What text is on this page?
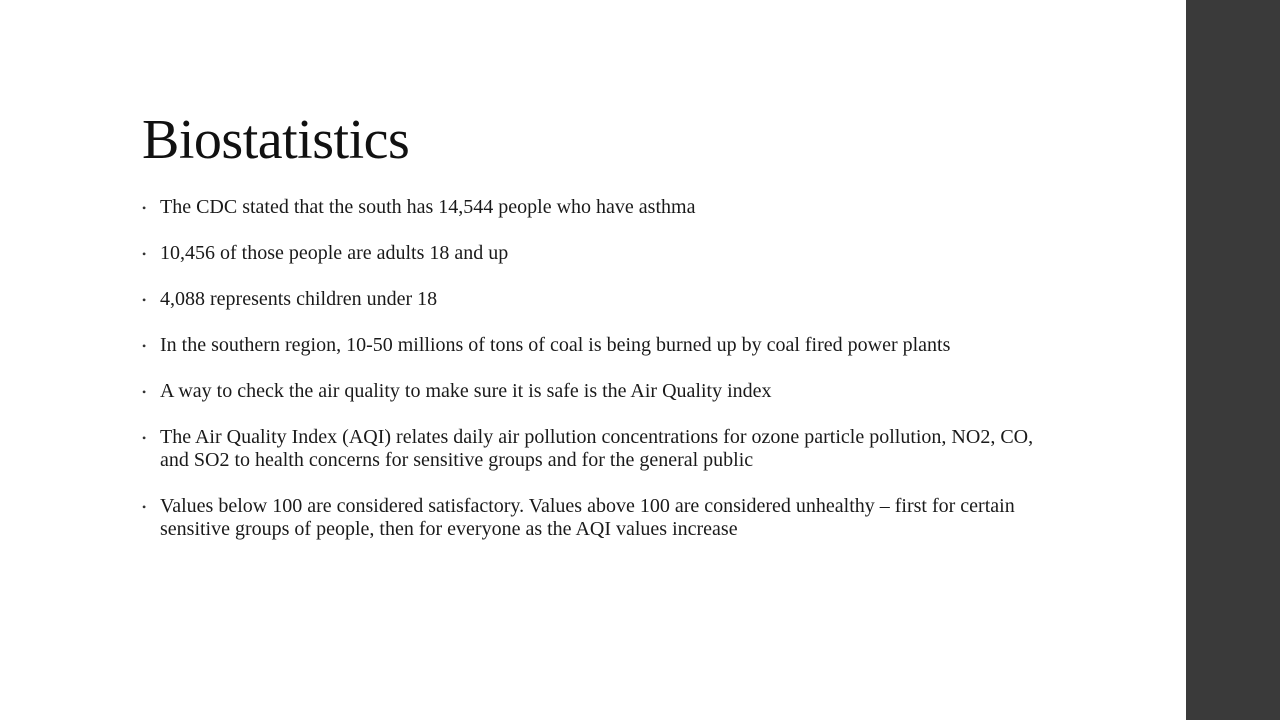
Biostatistics
• The CDC stated that the south has 14,544 people who have asthma
• 10,456 of those people are adults 18 and up
• 4,088 represents children under 18
• In the southern region, 10-50 millions of tons of coal is being burned up by coal fired power plants
• A way to check the air quality to make sure it is safe is the Air Quality index
• The Air Quality Index (AQI) relates daily air pollution concentrations for ozone particle pollution, NO2, CO, and SO2 to health concerns for sensitive groups and for the general public
• Values below 100 are considered satisfactory. Values above 100 are considered unhealthy – first for certain sensitive groups of people, then for everyone as the AQI values increase
